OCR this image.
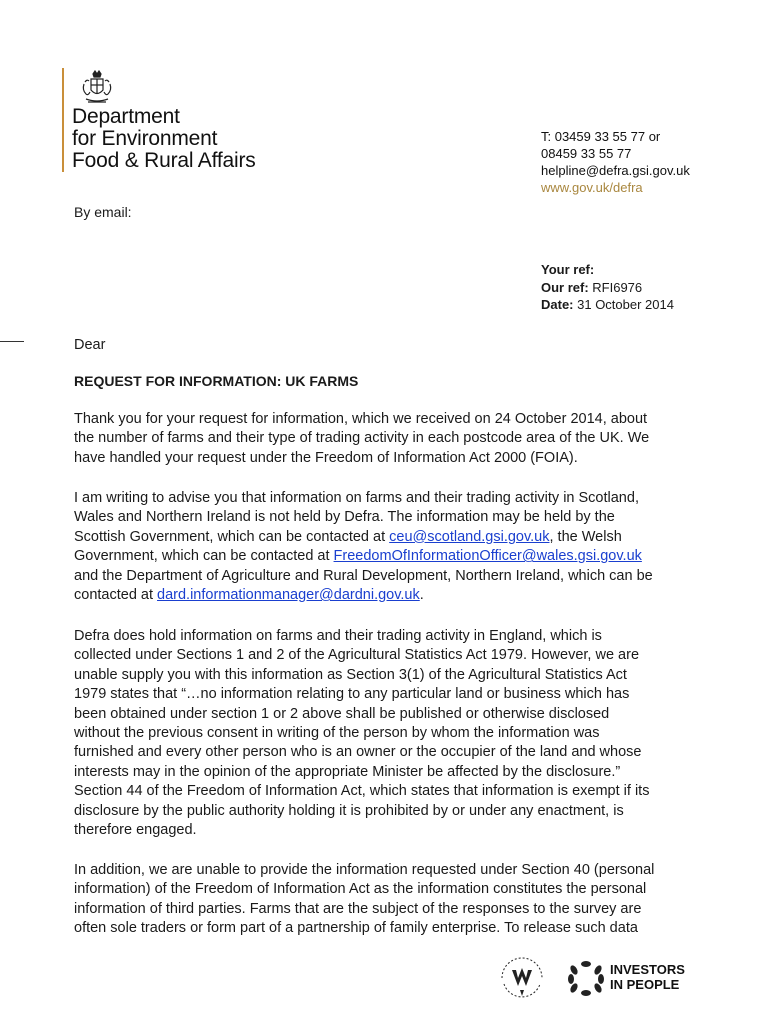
Department
for Environment
Food & Rural Affairs
T: 03459 33 55 77 or
08459 33 55 77
helpline@defra.gsi.gov.uk
www.gov.uk/defra
By email:
Your ref:
Our ref: RFI6976
Date: 31 October 2014
Dear
REQUEST FOR INFORMATION: UK FARMS
Thank you for your request for information, which we received on 24 October 2014, about
the number of farms and their type of trading activity in each postcode area of the UK. We
have handled your request under the Freedom of Information Act 2000 (FOIA).
I am writing to advise you that information on farms and their trading activity in Scotland,
Wales and Northern Ireland is not held by Defra. The information may be held by the
Scottish Government, which can be contacted at ceu@scotland.gsi.gov.uk, the Welsh
Government, which can be contacted at FreedomOfInformationOfficer@wales.gsi.gov.uk
and the Department of Agriculture and Rural Development, Northern Ireland, which can be
contacted at dard.informationmanager@dardni.gov.uk.
Defra does hold information on farms and their trading activity in England, which is
collected under Sections 1 and 2 of the Agricultural Statistics Act 1979. However, we are
unable supply you with this information as Section 3(1) of the Agricultural Statistics Act
1979 states that “…no information relating to any particular land or business which has
been obtained under section 1 or 2 above shall be published or otherwise disclosed
without the previous consent in writing of the person by whom the information was
furnished and every other person who is an owner or the occupier of the land and whose
interests may in the opinion of the appropriate Minister be affected by the disclosure.”
Section 44 of the Freedom of Information Act, which states that information is exempt if its
disclosure by the public authority holding it is prohibited by or under any enactment, is
therefore engaged.
In addition, we are unable to provide the information requested under Section 40 (personal
information) of the Freedom of Information Act as the information constitutes the personal
information of third parties. Farms that are the subject of the responses to the survey are
often sole traders or form part of a partnership of family enterprise. To release such data
INVESTORS
IN PEOPLE
